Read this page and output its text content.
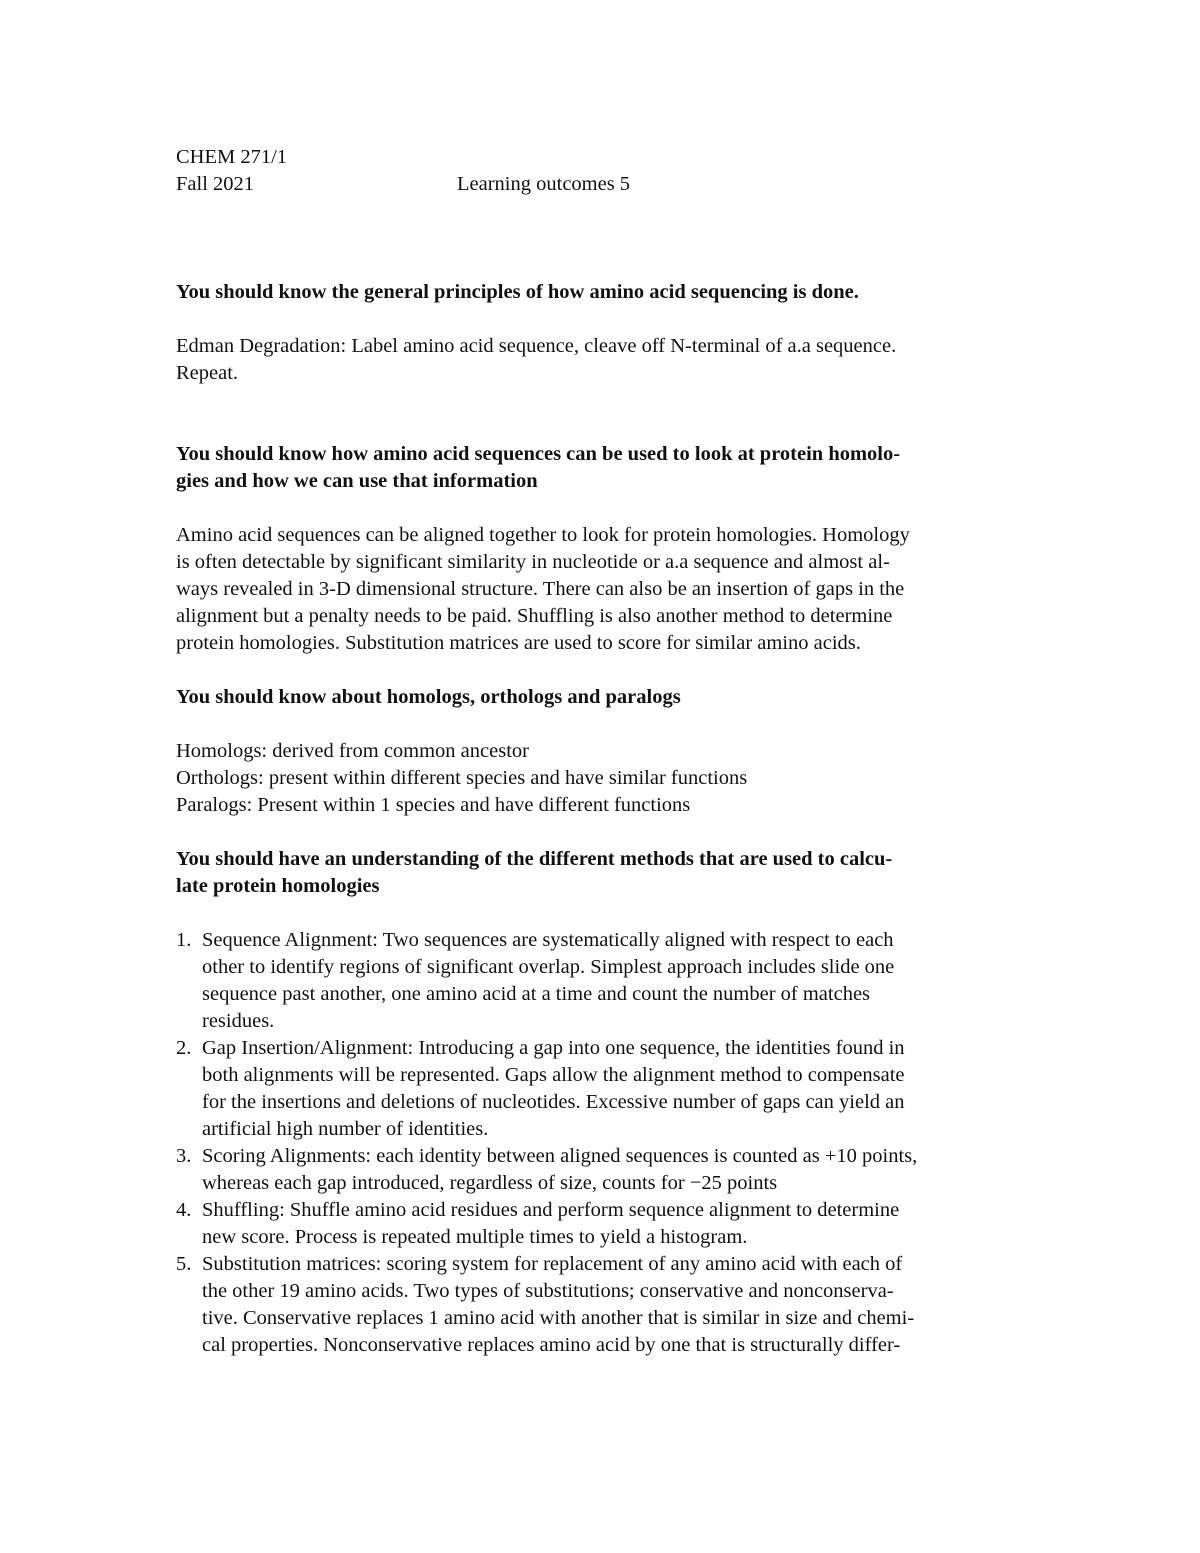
CHEM 271/1
Fall 2021	Learning outcomes 5
You should know the general principles of how amino acid sequencing is done.
Edman Degradation: Label amino acid sequence, cleave off N-terminal of a.a sequence.
Repeat.
You should know how amino acid sequences can be used to look at protein homolo-
gies and how we can use that information
Amino acid sequences can be aligned together to look for protein homologies. Homology
is often detectable by significant similarity in nucleotide or a.a sequence and almost al-
ways revealed in 3-D dimensional structure. There can also be an insertion of gaps in the
alignment but a penalty needs to be paid. Shuffling is also another method to determine
protein homologies. Substitution matrices are used to score for similar amino acids.
You should know about homologs, orthologs and paralogs
Homologs: derived from common ancestor
Orthologs: present within different species and have similar functions
Paralogs: Present within 1 species and have different functions
You should have an understanding of the different methods that are used to calcu-
late protein homologies
1. Sequence Alignment: Two sequences are systematically aligned with respect to each
other to identify regions of significant overlap. Simplest approach includes slide one
sequence past another, one amino acid at a time and count the number of matches
residues.
2. Gap Insertion/Alignment: Introducing a gap into one sequence, the identities found in
both alignments will be represented. Gaps allow the alignment method to compensate
for the insertions and deletions of nucleotides. Excessive number of gaps can yield an
artificial high number of identities.
3. Scoring Alignments: each identity between aligned sequences is counted as +10 points,
whereas each gap introduced, regardless of size, counts for −25 points
4. Shuffling: Shuffle amino acid residues and perform sequence alignment to determine
new score. Process is repeated multiple times to yield a histogram.
5. Substitution matrices: scoring system for replacement of any amino acid with each of
the other 19 amino acids. Two types of substitutions; conservative and nonconserva-
tive. Conservative replaces 1 amino acid with another that is similar in size and chemi-
cal properties. Nonconservative replaces amino acid by one that is structurally differ-
